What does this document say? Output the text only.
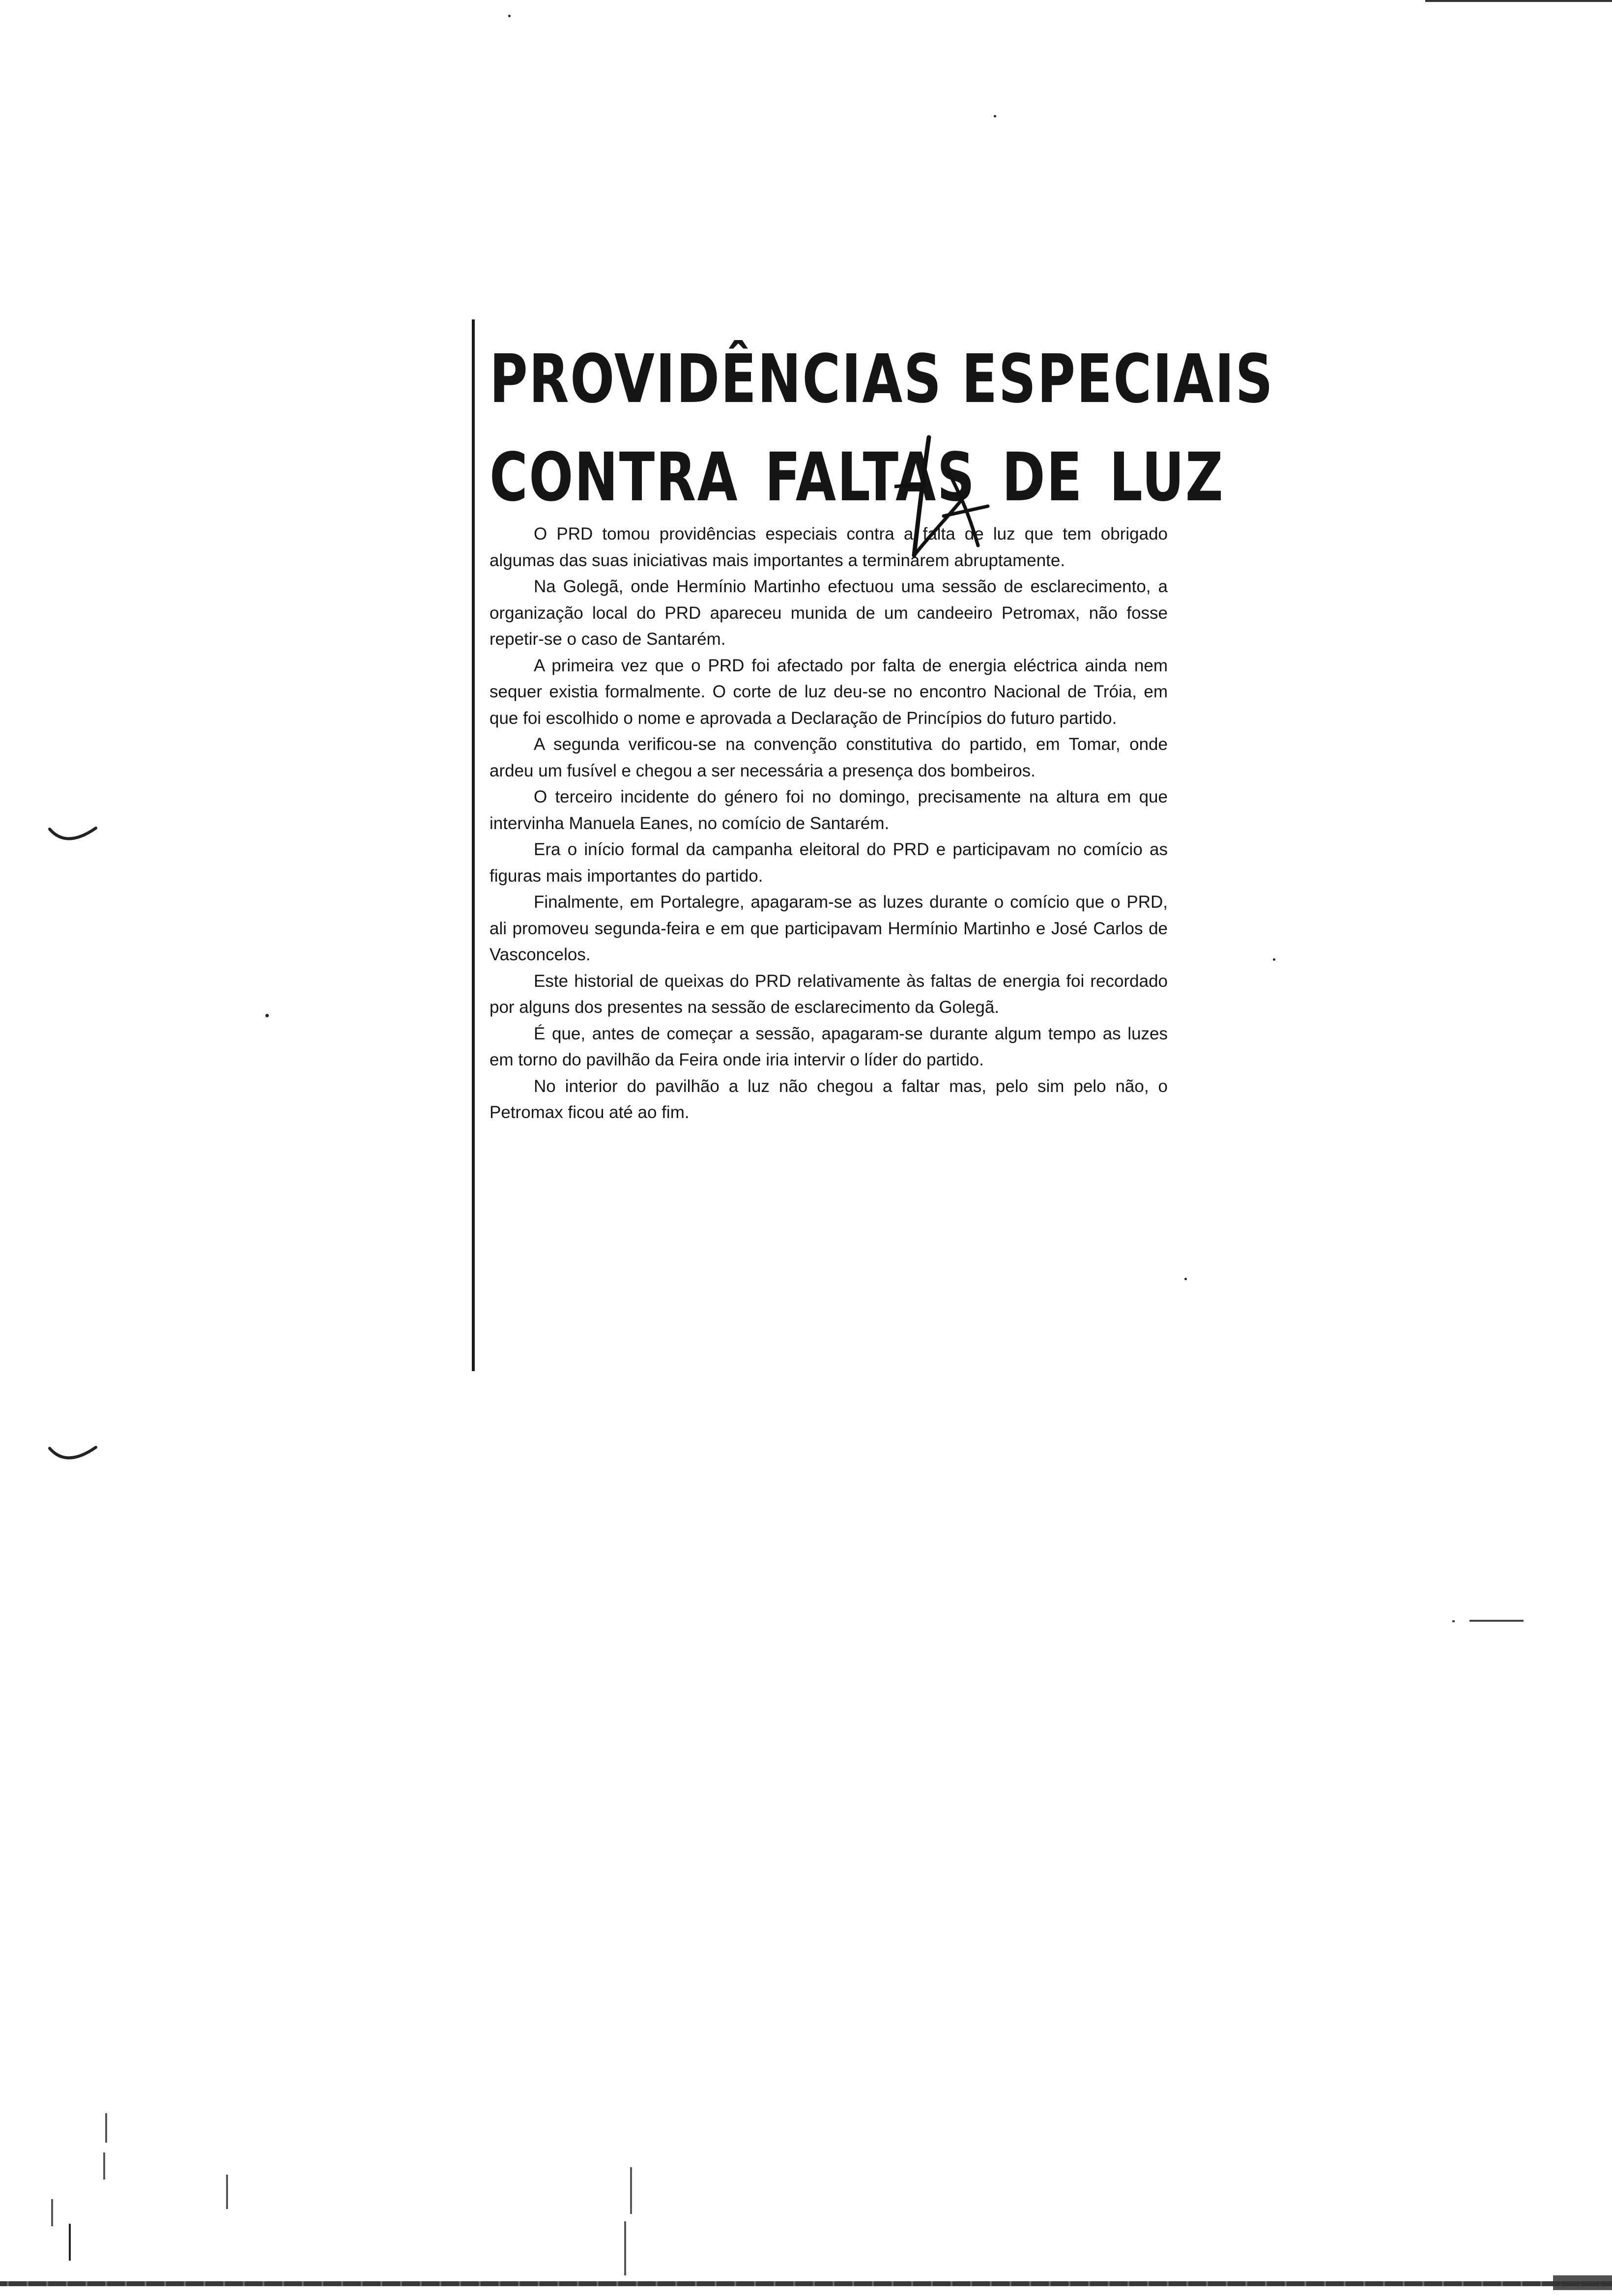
PROVIDÊNCIAS ESPECIAIS
CONTRA FALTAS DE LUZ

O PRD tomou providências especiais contra a falta de luz que tem obrigado algumas das suas iniciativas mais importantes a terminarem abruptamente.

Na Golegã, onde Hermínio Martinho efectuou uma sessão de esclarecimento, a organização local do PRD apareceu munida de um candeeiro Petromax, não fosse repetir-se o caso de Santarém.

A primeira vez que o PRD foi afectado por falta de energia eléctrica ainda nem sequer existia formalmente. O corte de luz deu-se no encontro Nacional de Tróia, em que foi escolhido o nome e aprovada a Declaração de Princípios do futuro partido.

A segunda verificou-se na convenção constitutiva do partido, em Tomar, onde ardeu um fusível e chegou a ser necessária a presença dos bombeiros.

O terceiro incidente do género foi no domingo, precisamente na altura em que intervinha Manuela Eanes, no comício de Santarém.

Era o início formal da campanha eleitoral do PRD e participavam no comício as figuras mais importantes do partido.

Finalmente, em Portalegre, apagaram-se as luzes durante o comício que o PRD, ali promoveu segunda-feira e em que participavam Hermínio Martinho e José Carlos de Vasconcelos.

Este historial de queixas do PRD relativamente às faltas de energia foi recordado por alguns dos presentes na sessão de esclarecimento da Golegã.

É que, antes de começar a sessão, apagaram-se durante algum tempo as luzes em torno do pavilhão da Feira onde iria intervir o líder do partido.

No interior do pavilhão a luz não chegou a faltar mas, pelo sim pelo não, o Petromax ficou até ao fim.
